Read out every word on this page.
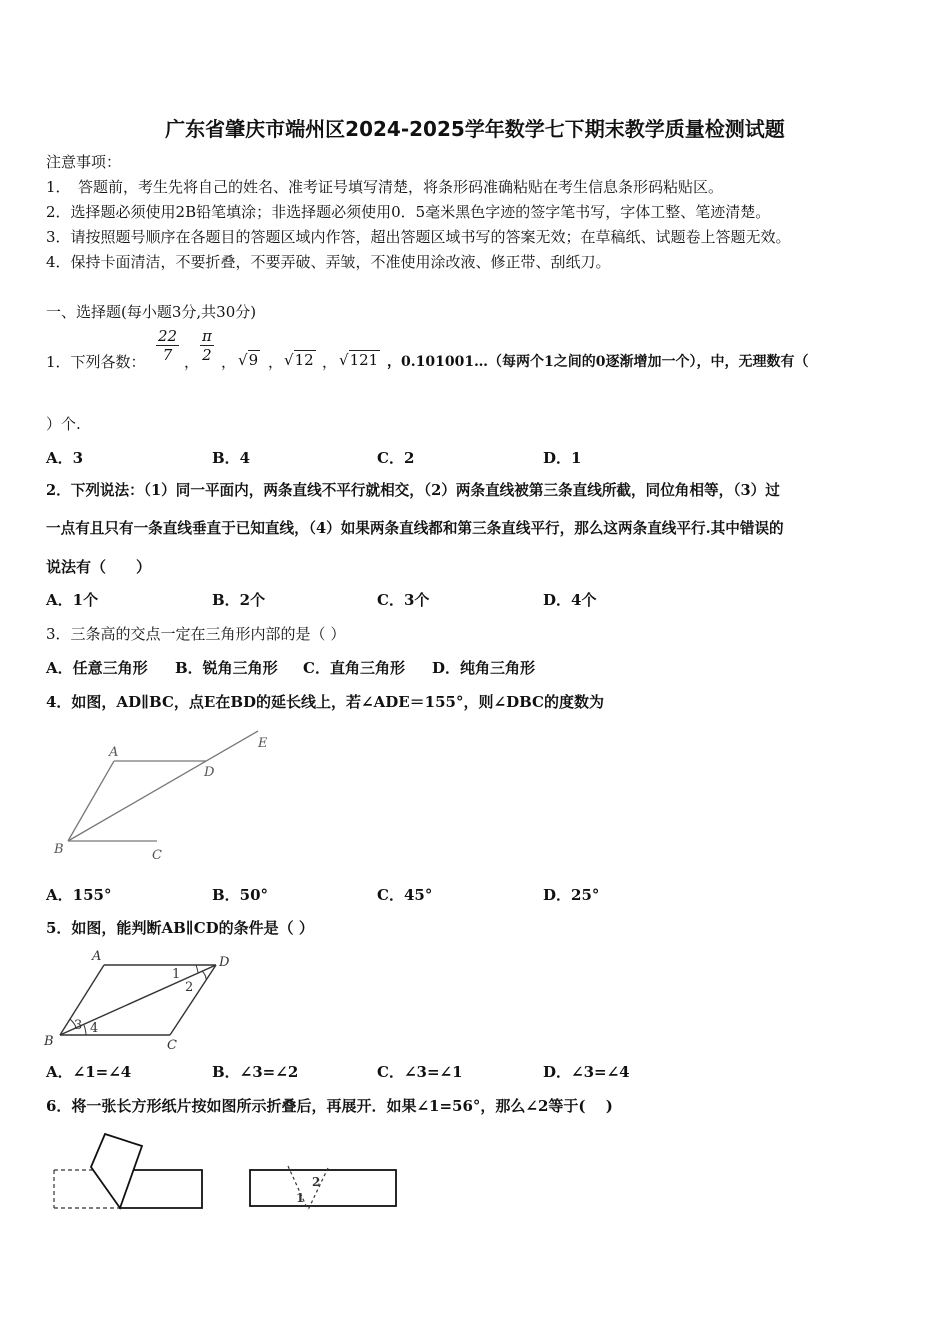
广东省肇庆市端州区2024-2025学年数学七下期末教学质量检测试题
注意事项：
1．　答题前，考生先将自己的姓名、准考证号填写清楚，将条形码准确粘贴在考生信息条形码粘贴区。
2．选择题必须使用2B铅笔填涂；非选择题必须使用0．5毫米黑色字迹的签字笔书写，字体工整、笔迹清楚。
3．请按照题号顺序在各题目的答题区域内作答，超出答题区域书写的答案无效；在草稿纸、试题卷上答题无效。
4．保持卡面清洁，不要折叠，不要弄破、弄皱，不准使用涂改液、修正带、刮纸刀。
一、选择题(每小题3分,共30分)
1．下列各数： $\frac{22}{7}$ ， $\frac{\pi}{2}$ ， √9 ， √12 ， √121 ，0.101001…（每两个1之间的0逐渐增加一个），中，无理数有（
）个.
A．3	B．4	C．2	D．1
2．下列说法：（1）同一平面内，两条直线不平行就相交，（2）两条直线被第三条直线所截，同位角相等，（3）过
一点有且只有一条直线垂直于已知直线，（4）如果两条直线都和第三条直线平行，那么这两条直线平行.其中错误的
说法有（　　）
A．1个	B．2个	C．3个	D．4个
3．三条高的交点一定在三角形内部的是（ ）
A．任意三角形 B．锐角三角形 C．直角三角形 D．纯角三角形
4．如图，AD∥BC，点E在BD的延长线上，若∠ADE＝155°，则∠DBC的度数为
A
D
E
B	C
A．155°	B．50°	C．45°	D．25°
5．如图，能判断AB∥CD的条件是（ ）
A	D
B	C
1
2
3 4
A．∠1=∠4	B．∠3=∠2	C．∠3=∠1	D．∠3=∠4
6．将一张长方形纸片按如图所示折叠后，再展开．如果∠1=56°，那么∠2等于(　 )
2
1
